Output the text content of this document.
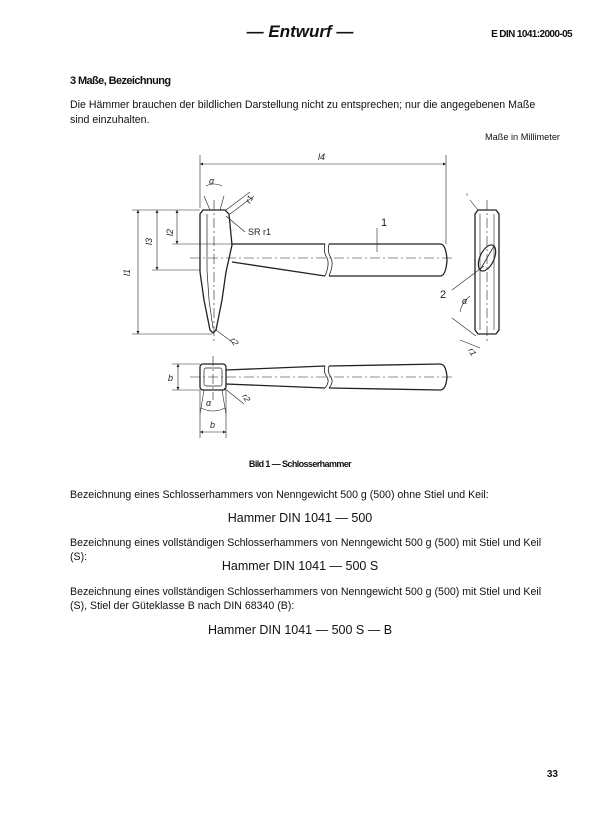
— Entwurf —	E DIN 1041:2000-05
3 Maße, Bezeichnung
Die Hämmer brauchen der bildlichen Darstellung nicht zu entsprechen; nur die angegebenen Maße sind einzuhalten.
Maße in Millimeter
l4
l1
l3
l2
α
r1
SR r1
1
r2
°
2 α
r1
b
b
α	r2
Bild 1 — Schlosserhammer
Bezeichnung eines Schlosserhammers von Nenngewicht 500 g (500) ohne Stiel und Keil:
Hammer DIN 1041 — 500
Bezeichnung eines vollständigen Schlosserhammers von Nenngewicht 500 g (500) mit Stiel und Keil (S):
Hammer DIN 1041 — 500 S
Bezeichnung eines vollständigen Schlosserhammers von Nenngewicht 500 g (500) mit Stiel und Keil (S), Stiel der Güteklasse B nach DIN 68340 (B):
Hammer DIN 1041 — 500 S — B
33
